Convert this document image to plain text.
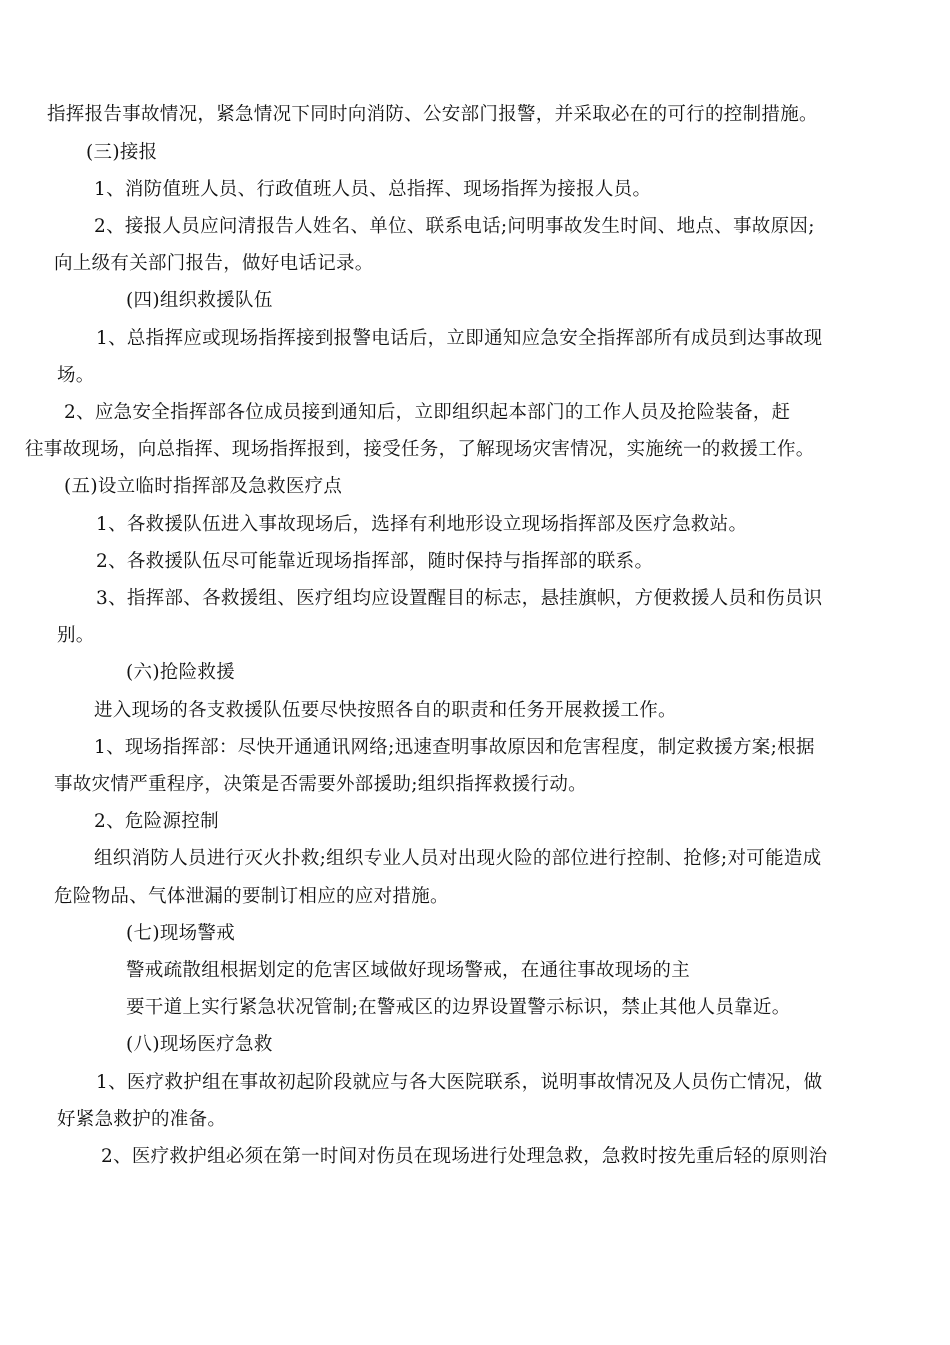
指挥报告事故情况，紧急情况下同时向消防、公安部门报警，并采取必在的可行的控制措施。
(三)接报
1、消防值班人员、行政值班人员、总指挥、现场指挥为接报人员。
2、接报人员应问清报告人姓名、单位、联系电话;问明事故发生时间、地点、事故原因;
向上级有关部门报告，做好电话记录。
(四)组织救援队伍
1、总指挥应或现场指挥接到报警电话后，立即通知应急安全指挥部所有成员到达事故现
场。
2、应急安全指挥部各位成员接到通知后，立即组织起本部门的工作人员及抢险装备，赶
往事故现场，向总指挥、现场指挥报到，接受任务，了解现场灾害情况，实施统一的救援工作。
(五)设立临时指挥部及急救医疗点
1、各救援队伍进入事故现场后，选择有利地形设立现场指挥部及医疗急救站。
2、各救援队伍尽可能靠近现场指挥部，随时保持与指挥部的联系。
3、指挥部、各救援组、医疗组均应设置醒目的标志，悬挂旗帜，方便救援人员和伤员识
别。
(六)抢险救援
进入现场的各支救援队伍要尽快按照各自的职责和任务开展救援工作。
1、现场指挥部：尽快开通通讯网络;迅速查明事故原因和危害程度，制定救援方案;根据
事故灾情严重程序，决策是否需要外部援助;组织指挥救援行动。
2、危险源控制
组织消防人员进行灭火扑救;组织专业人员对出现火险的部位进行控制、抢修;对可能造成
危险物品、气体泄漏的要制订相应的应对措施。
(七)现场警戒
警戒疏散组根据划定的危害区域做好现场警戒，在通往事故现场的主
要干道上实行紧急状况管制;在警戒区的边界设置警示标识，禁止其他人员靠近。
(八)现场医疗急救
1、医疗救护组在事故初起阶段就应与各大医院联系，说明事故情况及人员伤亡情况，做
好紧急救护的准备。
2、医疗救护组必须在第一时间对伤员在现场进行处理急救，急救时按先重后轻的原则治
